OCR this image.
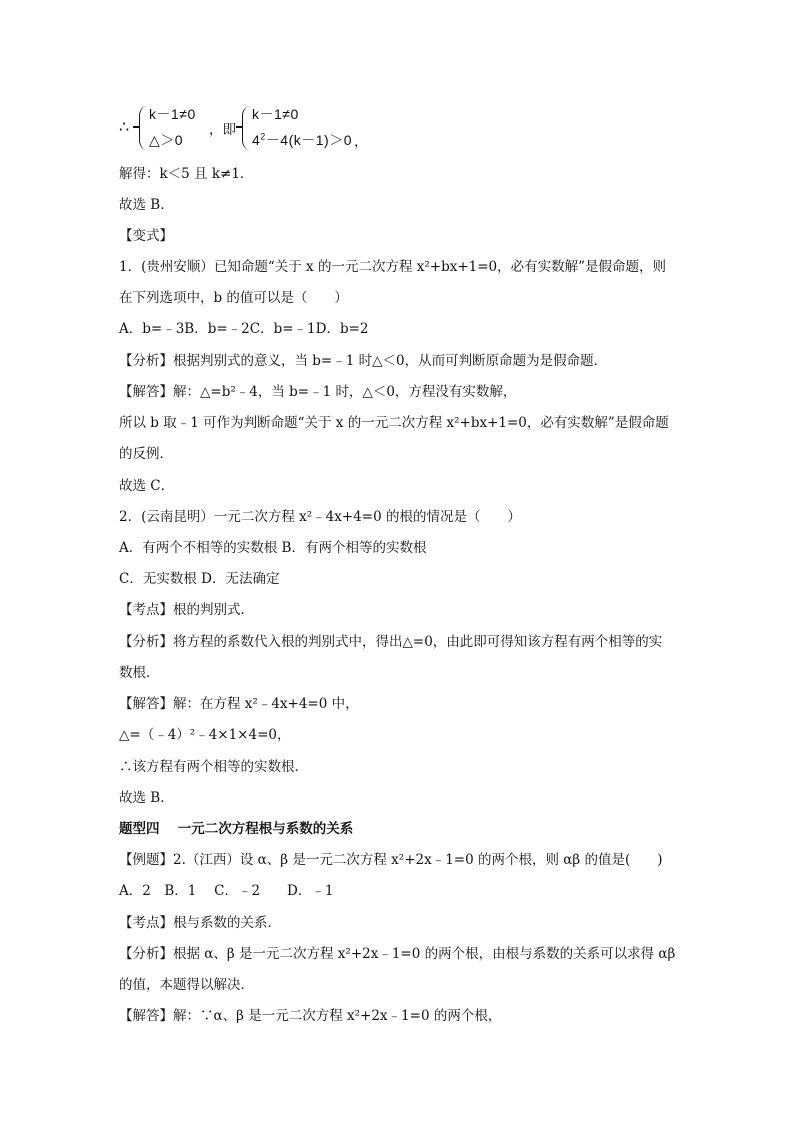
∴
k－1≠0
△＞0
，即
k－1≠0
$4^2-4(k-1)>0$ ，
解得：k＜5 且 k≠1．
故选 B．
【变式】
1．(贵州安顺）已知命题“关于 x 的一元二次方程 x²+bx+1=0，必有实数解”是假命题，则
在下列选项中，b 的值可以是（　　）
A．b=﹣3B．b=﹣2C．b=﹣1D．b=2
【分析】根据判别式的意义，当 b=﹣1 时△＜0，从而可判断原命题为是假命题．
【解答】解：△=b²﹣4，当 b=﹣1 时，△＜0，方程没有实数解，
所以 b 取﹣1 可作为判断命题“关于 x 的一元二次方程 x²+bx+1=0，必有实数解”是假命题
的反例．
故选 C．
2．(云南昆明）一元二次方程 x²﹣4x+4=0 的根的情况是（　　）
A．有两个不相等的实数根 B．有两个相等的实数根
C．无实数根 D．无法确定
【考点】根的判别式．
【分析】将方程的系数代入根的判别式中，得出△=0，由此即可得知该方程有两个相等的实
数根．
【解答】解：在方程 x²﹣4x+4=0 中，
△=（﹣4）²﹣4×1×4=0，
∴该方程有两个相等的实数根．
故选 B．
题型四　 一元二次方程根与系数的关系
【例题】2.（江西）设 α、β 是一元二次方程 x²+2x﹣1=0 的两个根，则 αβ 的值是(　　)
A．2　B．1　 C．﹣2　　D．﹣1
【考点】根与系数的关系．
【分析】根据 α、β 是一元二次方程 x²+2x﹣1=0 的两个根，由根与系数的关系可以求得 αβ
的值，本题得以解决．
【解答】解：∵α、β 是一元二次方程 x²+2x﹣1=0 的两个根，
